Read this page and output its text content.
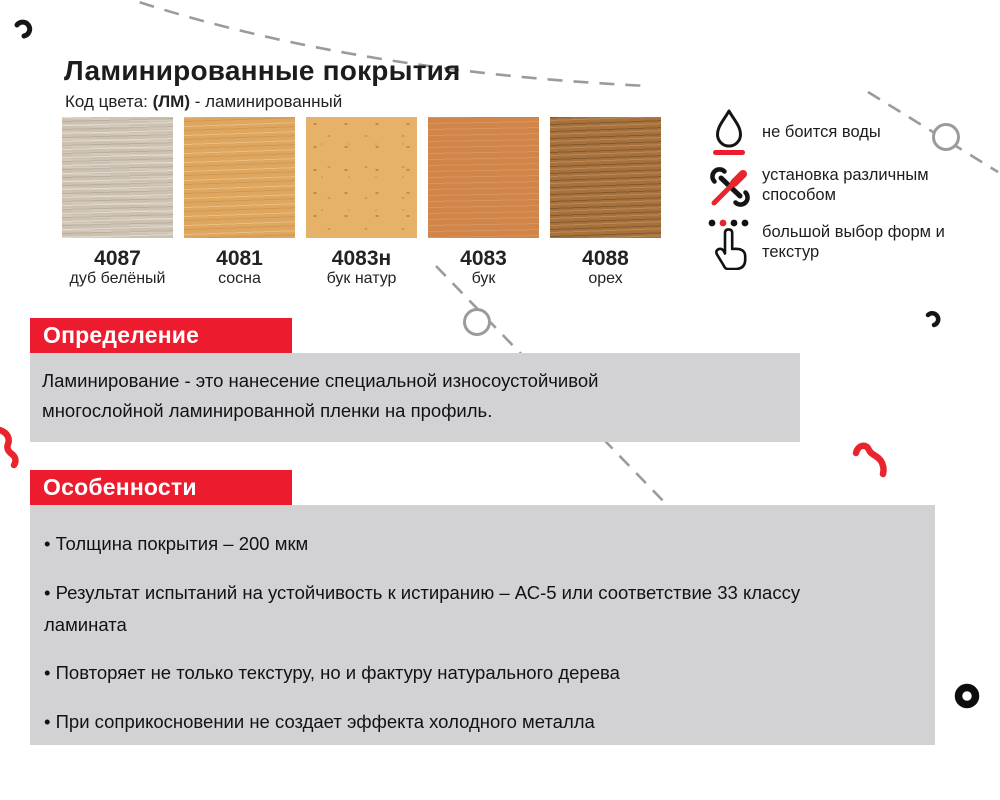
Ламинированные покрытия
Код цвета: (ЛМ) - ламинированный
4087
дуб белёный
4081
сосна
4083н
бук натур
4083
бук
4088
орех
не боится воды
установка различным способом
большой выбор форм и текстур
Определение

Ламинирование - это нанесение специальной износоустойчивой многослойной ламинированной пленки на профиль.

Особенности
• Толщина покрытия – 200 мкм
• Результат испытаний на устойчивость к истиранию – АС-5 или соответствие 33 классу ламината
• Повторяет не только текстуру, но и фактуру натурального дерева
• При соприкосновении не создает эффекта холодного металла
